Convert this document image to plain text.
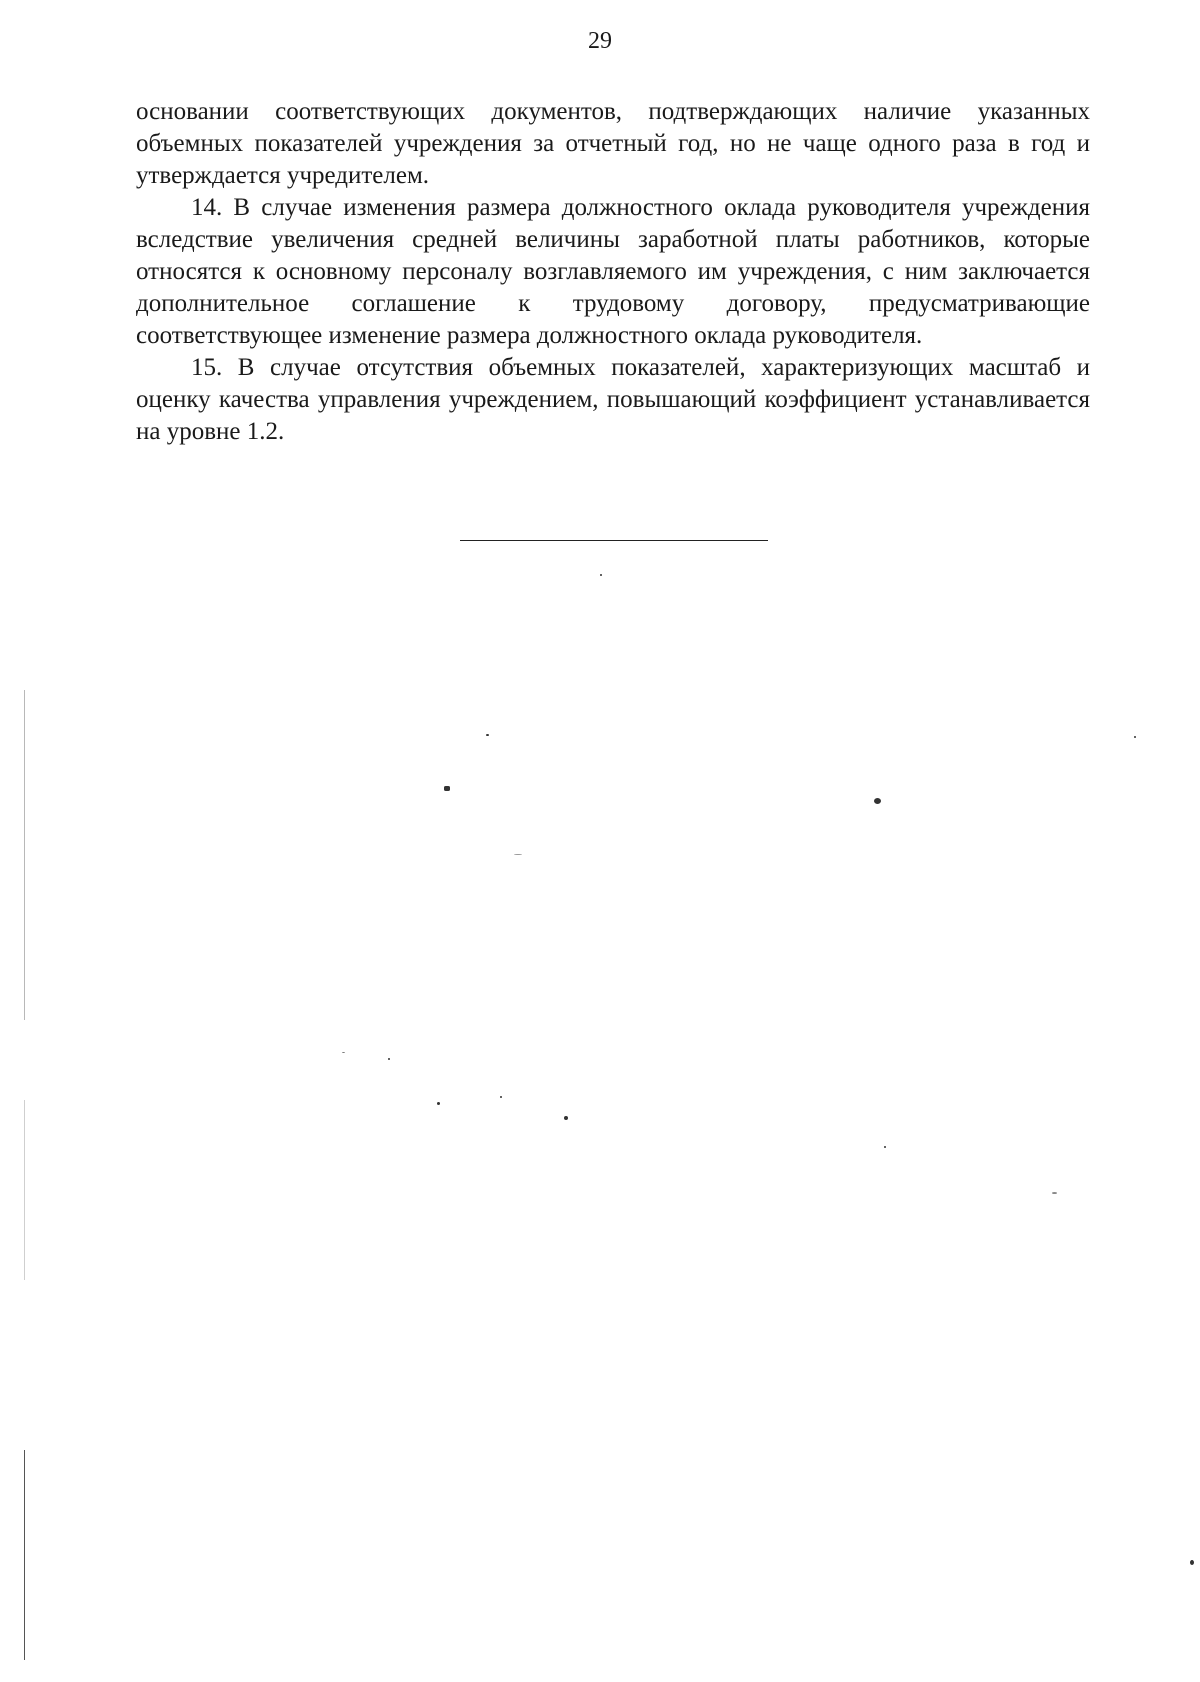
29

основании соответствующих документов, подтверждающих наличие указанных объемных показателей учреждения за отчетный год, но не чаще одного раза в год и утверждается учредителем.

14. В случае изменения размера должностного оклада руководителя учреждения вследствие увеличения средней величины заработной платы работников, которые относятся к основному персоналу возглавляемого им учреждения, с ним заключается дополнительное соглашение к трудовому договору, предусматривающие соответствующее изменение размера должностного оклада руководителя.

15. В случае отсутствия объемных показателей, характеризующих масштаб и оценку качества управления учреждением, повышающий коэффициент устанавливается на уровне 1.2.
